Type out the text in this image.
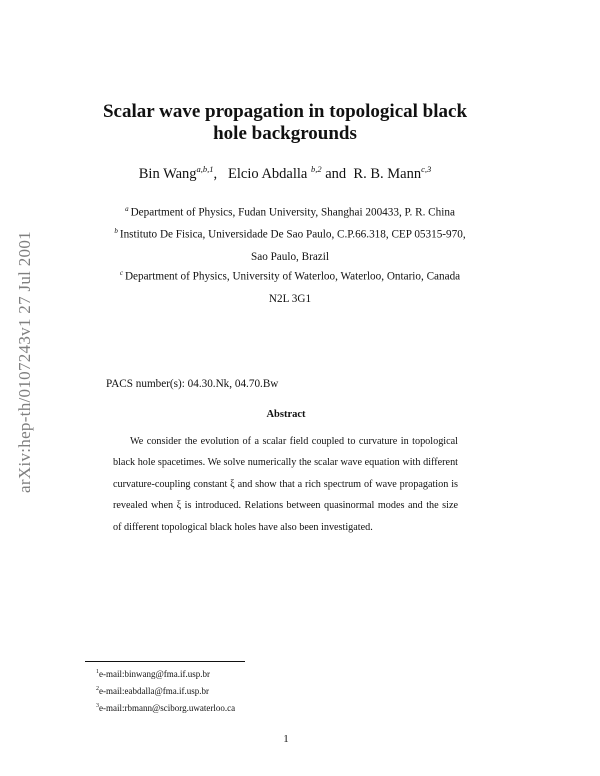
arXiv:hep-th/0107243v1 27 Jul 2001
Scalar wave propagation in topological black hole backgrounds
Bin Wang$^{a,b,1}$,   Elcio Abdalla $^{b,2}$ and  R. B. Mann$^{c,3}$
$^a$ Department of Physics, Fudan University, Shanghai 200433, P. R. China
$^b$ Instituto De Fisica, Universidade De Sao Paulo, C.P.66.318, CEP 05315-970,
Sao Paulo, Brazil
$^c$ Department of Physics, University of Waterloo, Waterloo, Ontario, Canada
N2L 3G1
PACS number(s): 04.30.Nk, 04.70.Bw
Abstract
We consider the evolution of a scalar field coupled to curvature in topological black hole spacetimes. We solve numerically the scalar wave equation with different curvature-coupling constant ξ and show that a rich spectrum of wave propagation is revealed when ξ is introduced. Relations between quasinormal modes and the size of different topological black holes have also been investigated.
$^1$e-mail:binwang@fma.if.usp.br
$^2$e-mail:eabdalla@fma.if.usp.br
$^3$e-mail:rbmann@sciborg.uwaterloo.ca
1
